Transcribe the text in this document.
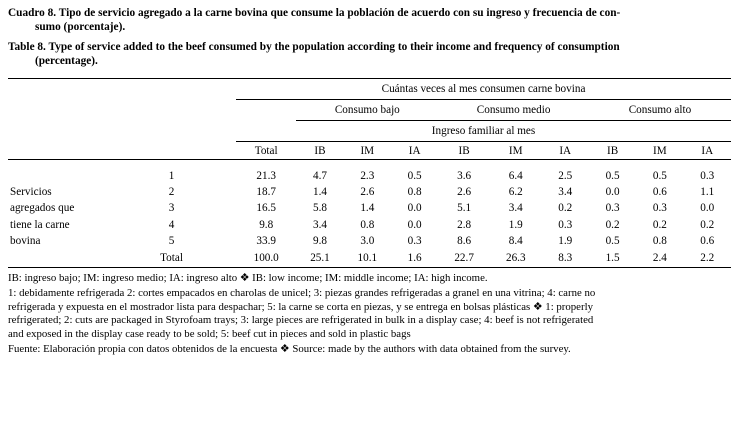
Cuadro 8. Tipo de servicio agregado a la carne bovina que consume la población de acuerdo con su ingreso y frecuencia de con-
sumo (porcentaje).
Table 8. Type of service added to the beef consumed by the population according to their income and frequency of consumption
(percentage).
		Cuántas veces al mes consumen carne bovina									
			Consumo bajo			Consumo medio			Consumo alto		
		Ingreso familiar al mes									
		Total	IB	IM	IA	IB	IM	IA	IB	IM	IA

	1	21.3	4.7	2.3	0.5	3.6	6.4	2.5	0.5	0.5	0.3
Servicios	2	18.7	1.4	2.6	0.8	2.6	6.2	3.4	0.0	0.6	1.1
agregados que	3	16.5	5.8	1.4	0.0	5.1	3.4	0.2	0.3	0.3	0.0
tiene la carne	4	9.8	3.4	0.8	0.0	2.8	1.9	0.3	0.2	0.2	0.2
bovina	5	33.9	9.8	3.0	0.3	8.6	8.4	1.9	0.5	0.8	0.6
	Total	100.0	25.1	10.1	1.6	22.7	26.3	8.3	1.5	2.4	2.2

IB: ingreso bajo; IM: ingreso medio; IA: ingreso alto ❖ IB: low income; IM: middle income; IA: high income.

1: debidamente refrigerada 2: cortes empacados en charolas de unicel; 3: piezas grandes refrigeradas a granel en una vitrina; 4: carne no

refrigerada y expuesta en el mostrador lista para despachar; 5: la carne se corta en piezas, y se entrega en bolsas plásticas ❖ 1: properly

refrigerated; 2: cuts are packaged in Styrofoam trays; 3: large pieces are refrigerated in bulk in a display case; 4: beef is not refrigerated

and exposed in the display case ready to be sold; 5: beef cut in pieces and sold in plastic bags

Fuente: Elaboración propia con datos obtenidos de la encuesta ❖ Source: made by the authors with data obtained from the survey.
